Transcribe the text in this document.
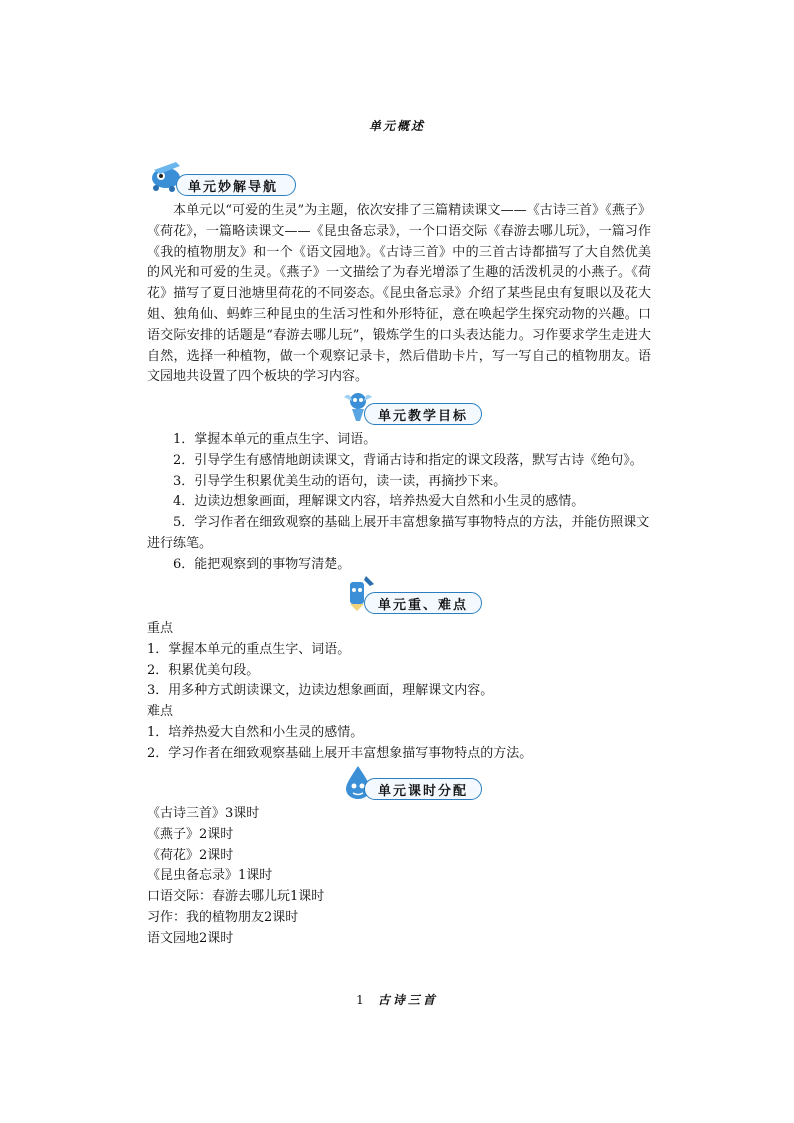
单元概述
单元妙解导航

本单元以“可爱的生灵”为主题，依次安排了三篇精读课文——《古诗三首》《燕子》《荷花》，一篇略读课文——《昆虫备忘录》，一个口语交际《春游去哪儿玩》，一篇习作《我的植物朋友》和一个《语文园地》。《古诗三首》中的三首古诗都描写了大自然优美的风光和可爱的生灵。《燕子》一文描绘了为春光增添了生趣的活泼机灵的小燕子。《荷花》描写了夏日池塘里荷花的不同姿态。《昆虫备忘录》介绍了某些昆虫有复眼以及花大姐、独角仙、蚂蚱三种昆虫的生活习性和外形特征，意在唤起学生探究动物的兴趣。口语交际安排的话题是“春游去哪儿玩”，锻炼学生的口头表达能力。习作要求学生走进大自然，选择一种植物，做一个观察记录卡，然后借助卡片，写一写自己的植物朋友。语文园地共设置了四个板块的学习内容。

单元教学目标

1．掌握本单元的重点生字、词语。

2．引导学生有感情地朗读课文，背诵古诗和指定的课文段落，默写古诗《绝句》。

3．引导学生积累优美生动的语句，读一读，再摘抄下来。

4．边读边想象画面，理解课文内容，培养热爱大自然和小生灵的感情。

5．学习作者在细致观察的基础上展开丰富想象描写事物特点的方法，并能仿照课文进行练笔。

6．能把观察到的事物写清楚。

单元重、难点

重点

1．掌握本单元的重点生字、词语。

2．积累优美句段。

3．用多种方式朗读课文，边读边想象画面，理解课文内容。

难点

1．培养热爱大自然和小生灵的感情。

2．学习作者在细致观察基础上展开丰富想象描写事物特点的方法。

单元课时分配

《古诗三首》3课时

《燕子》2课时

《荷花》2课时

《昆虫备忘录》1课时

口语交际：春游去哪儿玩1课时

习作：我的植物朋友2课时

语文园地2课时

1 古诗三首
